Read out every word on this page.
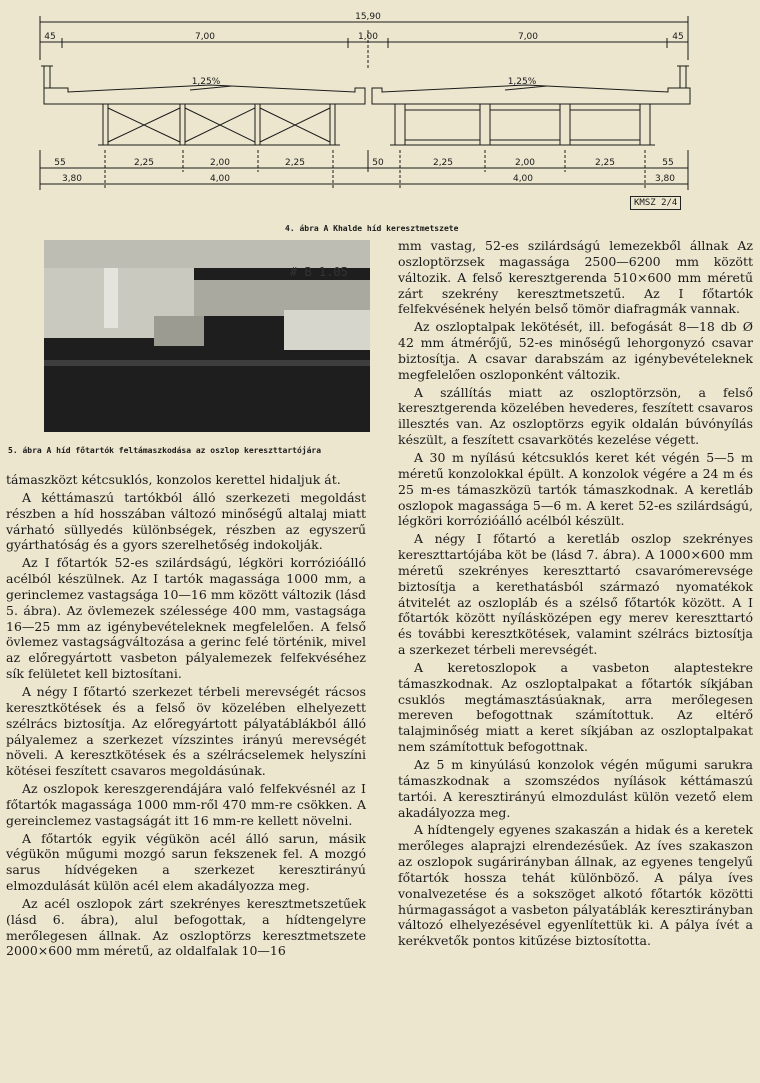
15,90
45	7,00	1,00	7,00	45
1,25%	1,25%
55	2,25	2,00	2,25	50	2,25	2,00	2,25	55
3,80	4,00	4,00	3,80
KMSZ 2/4
4. ábra A Khalde híd keresztmetszete
# B 1.05
5. ábra A híd főtartók feltámaszkodása az oszlop kereszttartójára

támaszközt kétcsuklós, konzolos kerettel hidaljuk át.

A kéttámaszú tartókból álló szerkezeti megoldást részben a híd hosszában változó minőségű altalaj miatt várható süllyedés különbségek, részben az egyszerű gyárthatóság és a gyors szerelhetőség indokolják.

Az I főtartók 52-es szilárdságú, légköri korrózióálló acélból készülnek. Az I tartók magassága 1000 mm, a gerinclemez vastagsága 10—16 mm között változik (lásd 5. ábra). Az övlemezek szélessége 400 mm, vastagsága 16—25 mm az igénybevételeknek megfelelően. A felső övlemez vastagságváltozása a gerinc felé történik, mivel az előregyártott vasbeton pályalemezek felfekvéséhez sík felületet kell biztosítani.

A négy I főtartó szerkezet térbeli merevségét rácsos keresztkötések és a felső öv közelében elhelyezett szélrács biztosítja. Az előregyártott pályatáblákból álló pályalemez a szerkezet vízszintes irányú merevségét növeli. A keresztkötések és a szélrácselemek helyszíni kötései feszített csavaros megoldásúnak.

Az oszlopok kereszgerendájára való felfekvésnél az I főtartók magassága 1000 mm-ről 470 mm-re csökken. A gereinclemez vastagságát itt 16 mm-re kellett növelni.

A főtartók egyik végükön acél álló sarun, másik végükön műgumi mozgó sarun fekszenek fel. A mozgó sarus hídvégeken a szerkezet keresztirányú elmozdulását külön acél elem akadályozza meg.

Az acél oszlopok zárt szekrényes keresztmetszetűek (lásd 6. ábra), alul befogottak, a hídtengelyre merőlegesen állnak. Az oszloptörzs keresztmetszete 2000×600 mm méretű, az oldalfalak 10—16

mm vastag, 52-es szilárdságú lemezekből állnak Az oszloptörzsek magassága 2500—6200 mm között változik. A felső keresztgerenda 510×600 mm méretű zárt szekrény keresztmetszetű. Az I főtartók felfekvésének helyén belső tömör diafragmák vannak.

Az oszloptalpak lekötését, ill. befogását 8—18 db Ø 42 mm átmérőjű, 52-es minőségű lehorgonyzó csavar biztosítja. A csavar darabszám az igénybevételeknek megfelelően oszloponként változik.

A szállítás miatt az oszloptörzsön, a felső keresztgerenda közelében hevederes, feszített csavaros illesztés van. Az oszloptörzs egyik oldalán búvónyílás készült, a feszített csavarkötés kezelése végett.

A 30 m nyílású kétcsuklós keret két végén 5—5 m méretű konzolokkal épült. A konzolok végére a 24 m és 25 m-es támaszközü tartók támaszkodnak. A keretláb oszlopok magassága 5—6 m. A keret 52-es szilárdságú, légköri korrózióálló acélból készült.

A négy I főtartó a keretláb oszlop szekrényes kereszttartójába köt be (lásd 7. ábra). A 1000×600 mm méretű szekrényes kereszttartó csavarómerevsége biztosítja a kerethatásból származó nyomatékok átvitelét az oszlopláb és a szélső főtartók között. A I főtartók között nyílásközépen egy merev kereszttartó és további keresztkötések, valamint szélrács biztosítja a szerkezet térbeli merevségét.

A keretoszlopok a vasbeton alaptestekre támaszkodnak. Az oszloptalpakat a főtartók síkjában csuklós megtámasztásúaknak, arra merőlegesen mereven befogottnak számítottuk. Az eltérő talajminőség miatt a keret síkjában az oszloptalpakat nem számítottuk befogottnak.

Az 5 m kinyúlású konzolok végén műgumi sarukra támaszkodnak a szomszédos nyílások kéttámaszú tartói. A keresztirányú elmozdulást külön vezető elem akadályozza meg.

A hídtengely egyenes szakaszán a hidak és a keretek merőleges alaprajzi elrendezésűek. Az íves szakaszon az oszlopok sugárirányban állnak, az egyenes tengelyű főtartók hossza tehát különböző. A pálya íves vonalvezetése és a sokszöget alkotó főtartók közötti húrmagasságot a vasbeton pályatáblák keresztirányban változó elhelyezésével egyenlítettük ki. A pálya ívét a kerékvetők pontos kitűzése biztosította.
